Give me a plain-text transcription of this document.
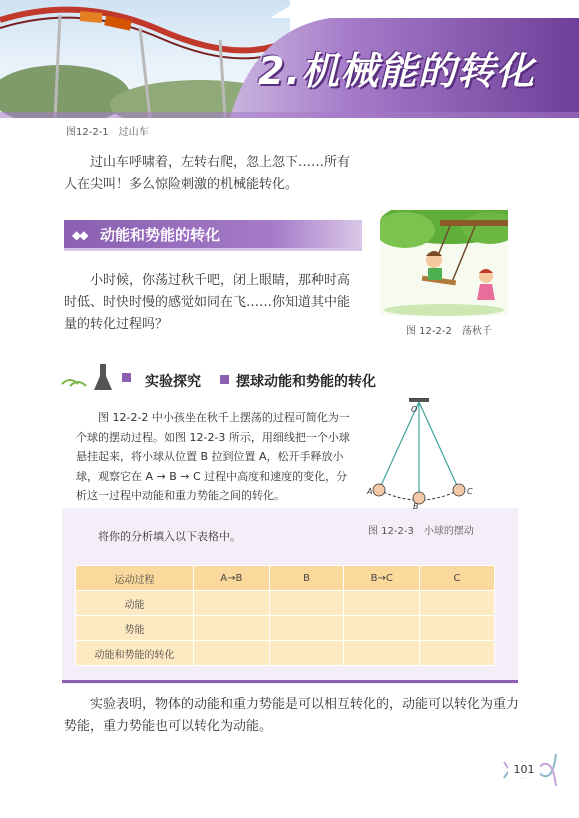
2.机械能的转化
图12-2-1　过山车
过山车呼啸着，左转右爬，忽上忽下……所有人在尖叫！多么惊险刺激的机械能转化。
◆◆ 动能和势能的转化
小时候，你荡过秋千吧，闭上眼睛，那种时高时低、时快时慢的感觉如同在飞……你知道其中能量的转化过程吗？	图 12-2-2　荡秋千
实验探究	摆球动能和势能的转化
图 12-2-2 中小孩坐在秋千上摆荡的过程可简化为一个球的摆动过程。如图 12-2-3 所示，用细线把一个小球悬挂起来，将小球从位置 B 拉到位置 A，松开手释放小球，观察它在 A → B → C 过程中高度和速度的变化，分析这一过程中动能和重力势能之间的转化。
将你的分析填入以下表格中。
O
A
B
C
图 12-2-3　小球的摆动
运动过程	A→B	B	B→C	C
动能				
势能				
动能和势能的转化				
实验表明，物体的动能和重力势能是可以相互转化的，动能可以转化为重力势能，重力势能也可以转化为动能。
101
